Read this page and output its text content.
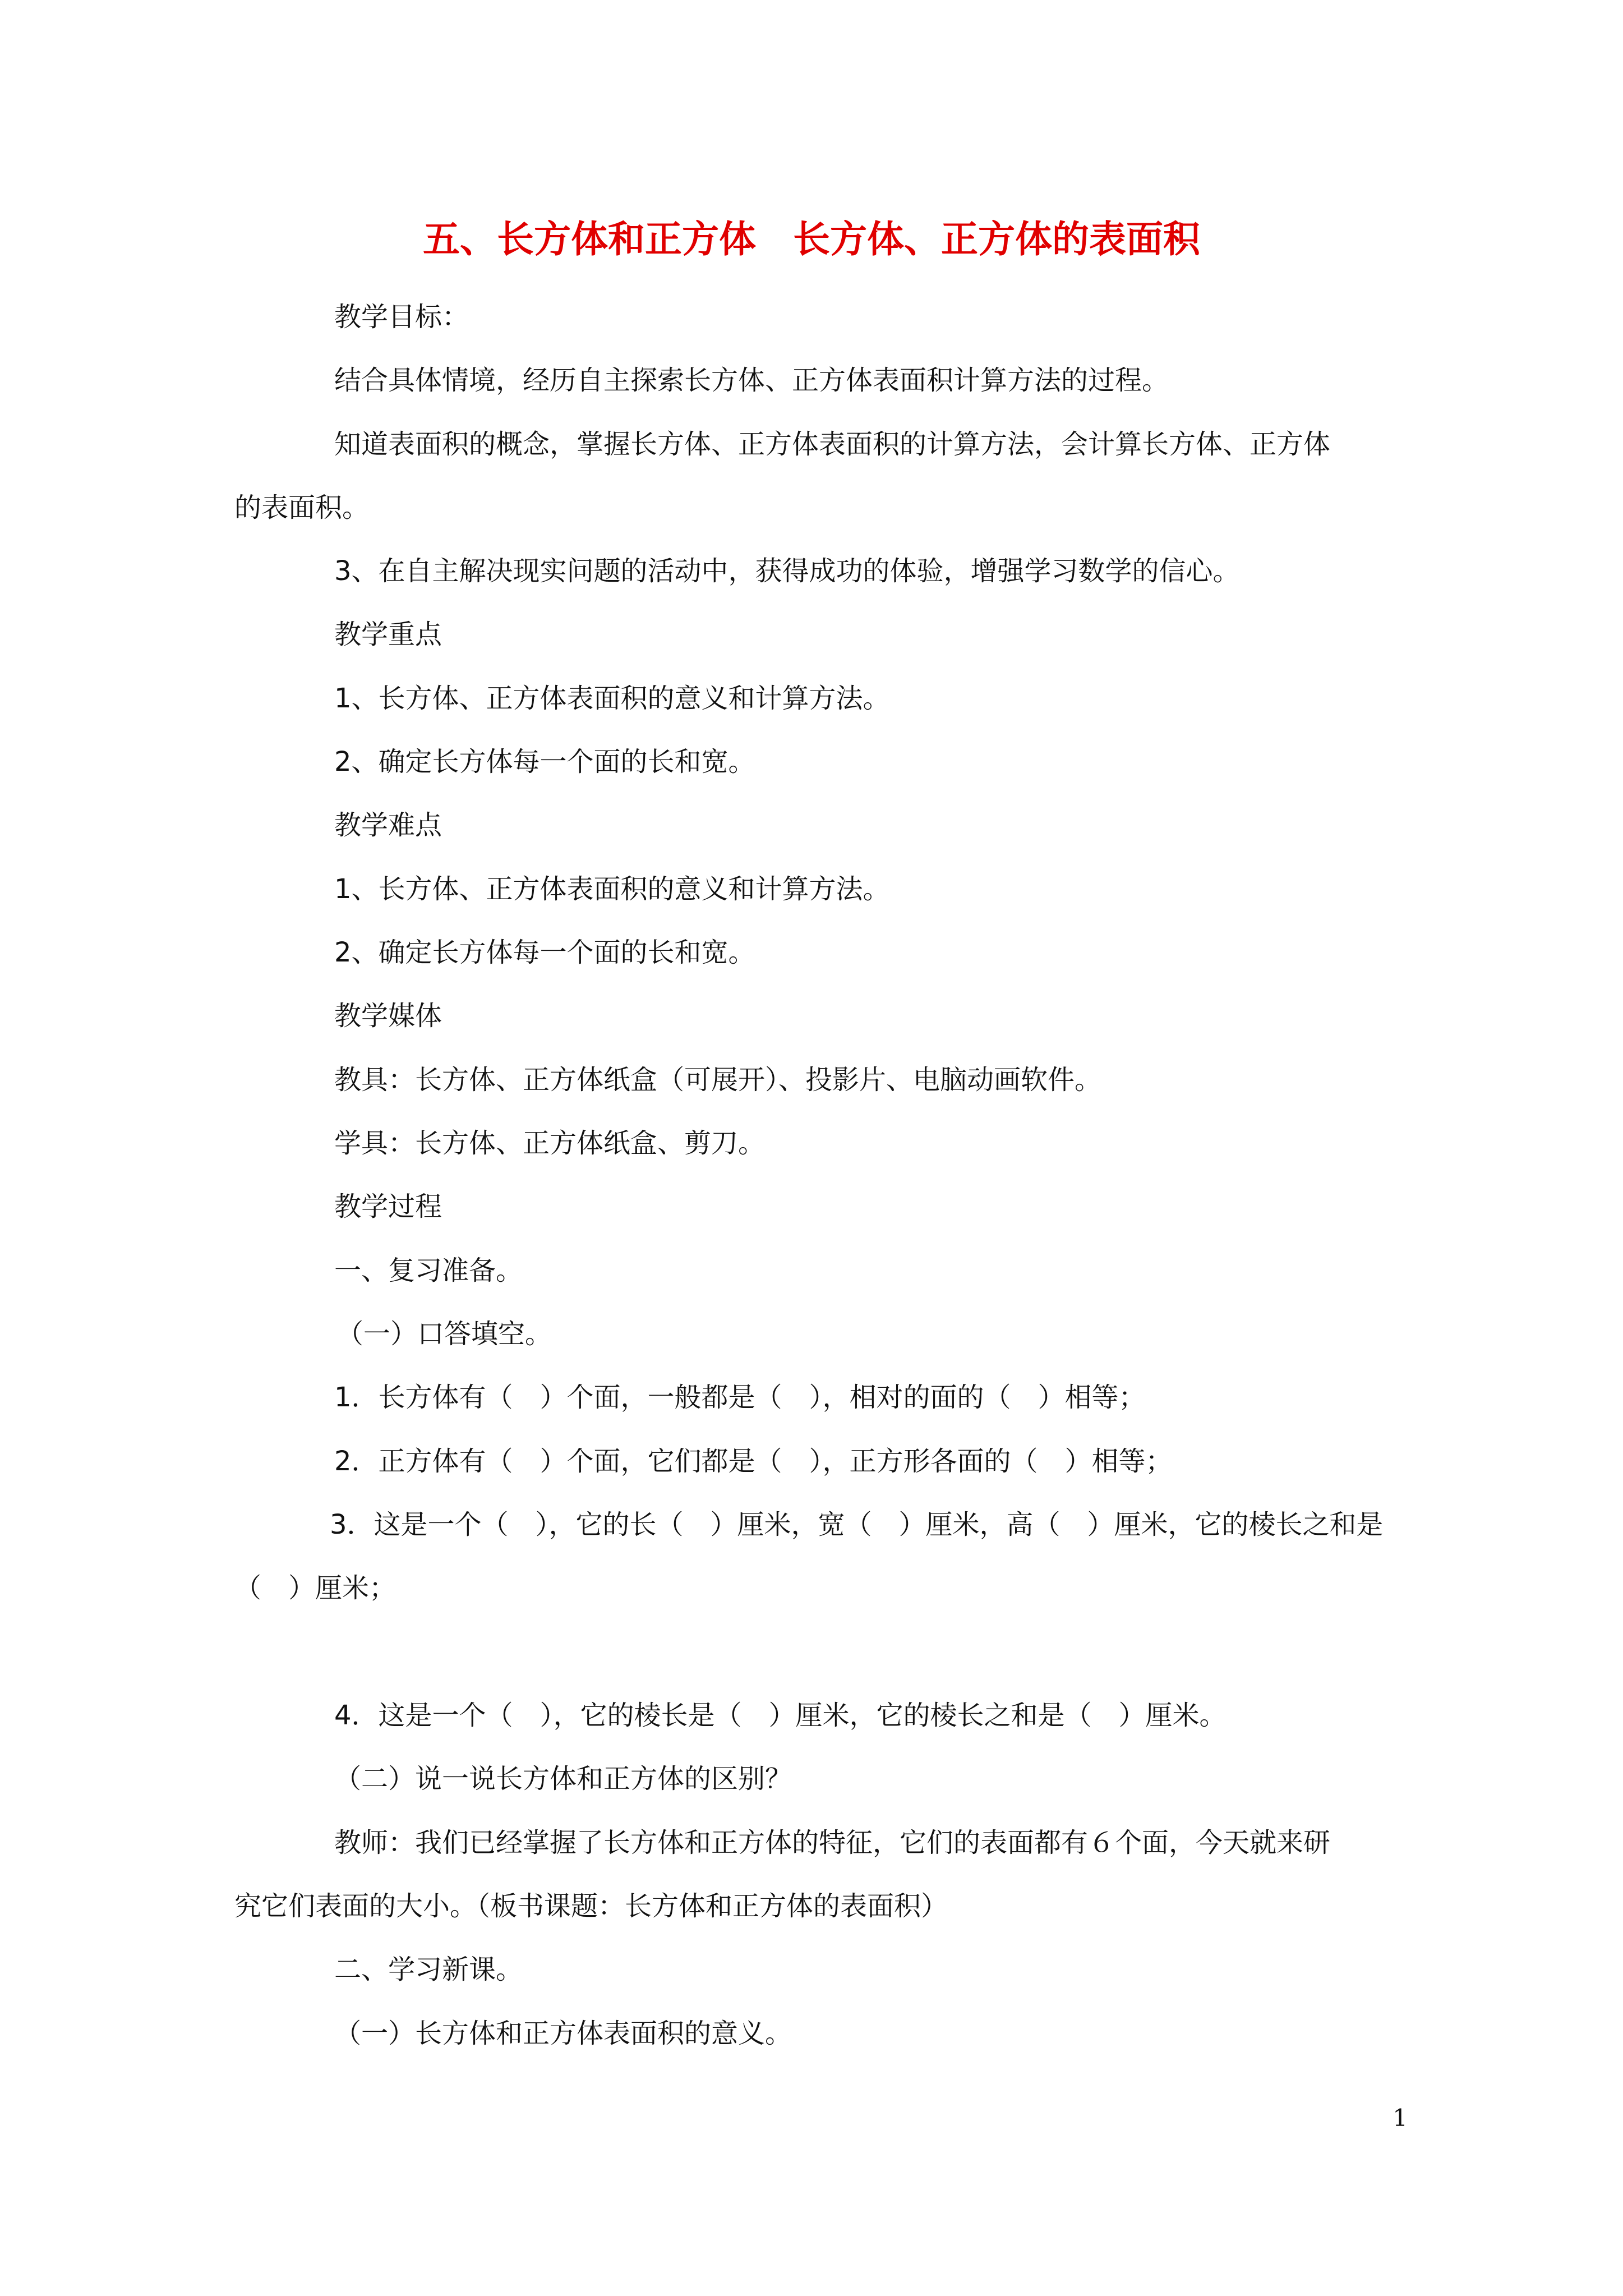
五、长方体和正方体　长方体、正方体的表面积
教学目标：
结合具体情境，经历自主探索长方体、正方体表面积计算方法的过程。
知道表面积的概念，掌握长方体、正方体表面积的计算方法，会计算长方体、正方体
的表面积。
3、在自主解决现实问题的活动中，获得成功的体验，增强学习数学的信心。
教学重点
1、长方体、正方体表面积的意义和计算方法。
2、确定长方体每一个面的长和宽。
教学难点
1、长方体、正方体表面积的意义和计算方法。
2、确定长方体每一个面的长和宽。
教学媒体
教具：长方体、正方体纸盒（可展开）、投影片、电脑动画软件。
学具：长方体、正方体纸盒、剪刀。
教学过程
一、复习准备。
（一）口答填空。
1．长方体有（　）个面，一般都是（　），相对的面的（　）相等；
2．正方体有（　）个面，它们都是（　），正方形各面的（　）相等；
3．这是一个（　），它的长（　）厘米，宽（　）厘米，高（　）厘米，它的棱长之和是
（　）厘米；
4．这是一个（　），它的棱长是（　）厘米，它的棱长之和是（　）厘米。
（二）说一说长方体和正方体的区别？
教师：我们已经掌握了长方体和正方体的特征，它们的表面都有６个面，今天就来研
究它们表面的大小。（板书课题：长方体和正方体的表面积）
二、学习新课。
（一）长方体和正方体表面积的意义。
1
